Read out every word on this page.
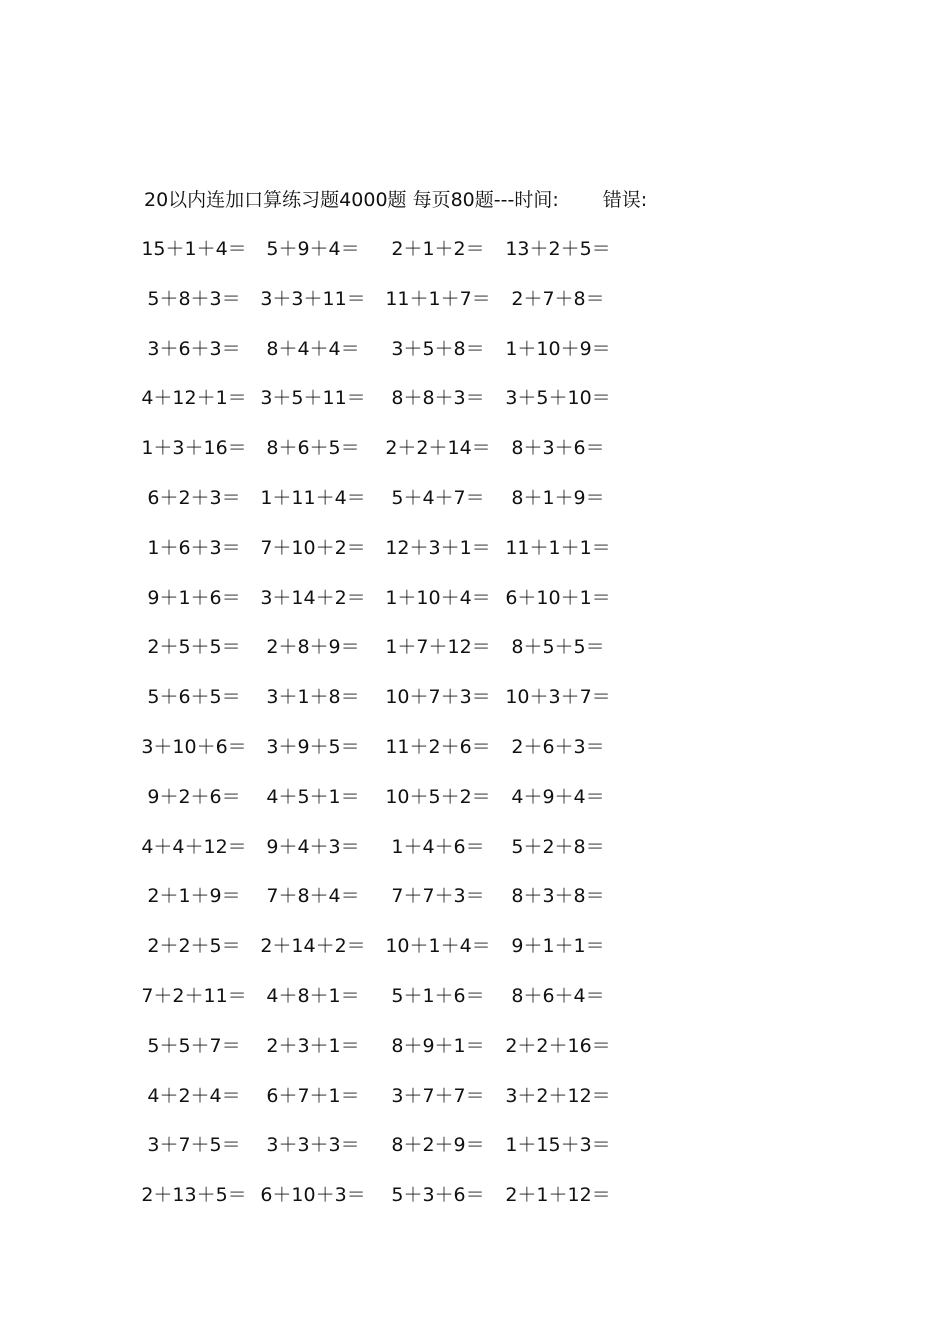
20以内连加口算练习题4000题 每页80题---时间: 错误:
15＋1＋4＝	5＋9＋4＝	2＋1＋2＝	13＋2＋5＝
5＋8＋3＝	3＋3＋11＝ 11＋1＋7＝	2＋7＋8＝
3＋6＋3＝	8＋4＋4＝	3＋5＋8＝	1＋10＋9＝
4＋12＋1＝ 3＋5＋11＝	8＋8＋3＝	3＋5＋10＝
1＋3＋16＝	8＋6＋5＝	2＋2＋14＝	8＋3＋6＝
6＋2＋3＝	1＋11＋4＝	5＋4＋7＝	8＋1＋9＝
1＋6＋3＝	7＋10＋2＝ 12＋3＋1＝ 11＋1＋1＝
9＋1＋6＝	3＋14＋2＝ 1＋10＋4＝ 6＋10＋1＝
2＋5＋5＝	2＋8＋9＝	1＋7＋12＝	8＋5＋5＝
5＋6＋5＝	3＋1＋8＝	10＋7＋3＝ 10＋3＋7＝
3＋10＋6＝	3＋9＋5＝	11＋2＋6＝	2＋6＋3＝
9＋2＋6＝	4＋5＋1＝	10＋5＋2＝	4＋9＋4＝
4＋4＋12＝	9＋4＋3＝	1＋4＋6＝	5＋2＋8＝
2＋1＋9＝	7＋8＋4＝	7＋7＋3＝	8＋3＋8＝
2＋2＋5＝	2＋14＋2＝ 10＋1＋4＝	9＋1＋1＝
7＋2＋11＝	4＋8＋1＝	5＋1＋6＝	8＋6＋4＝
5＋5＋7＝	2＋3＋1＝	8＋9＋1＝	2＋2＋16＝
4＋2＋4＝	6＋7＋1＝	3＋7＋7＝	3＋2＋12＝
3＋7＋5＝	3＋3＋3＝	8＋2＋9＝	1＋15＋3＝
2＋13＋5＝ 6＋10＋3＝	5＋3＋6＝	2＋1＋12＝
